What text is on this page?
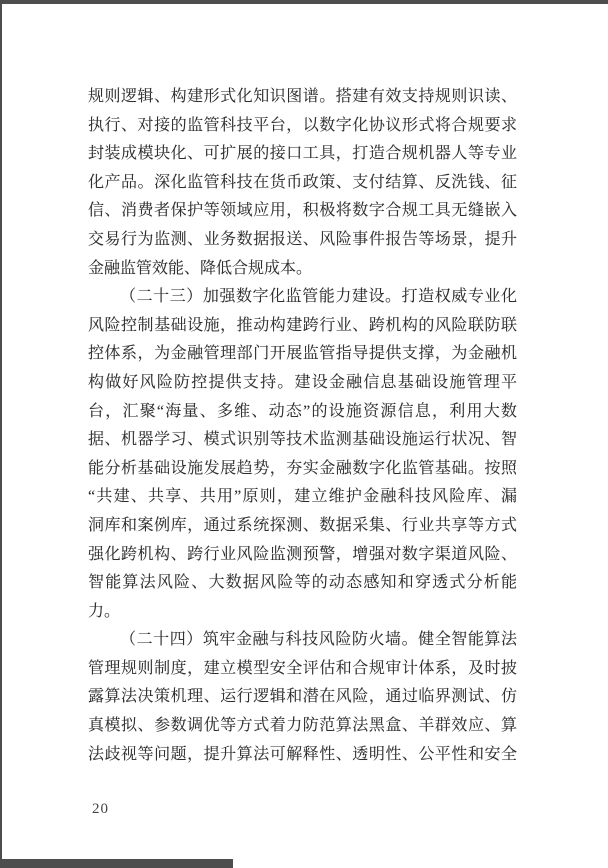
规则逻辑、构建形式化知识图谱。搭建有效支持规则识读、
执行、对接的监管科技平台，以数字化协议形式将合规要求
封装成模块化、可扩展的接口工具，打造合规机器人等专业
化产品。深化监管科技在货币政策、支付结算、反洗钱、征
信、消费者保护等领域应用，积极将数字合规工具无缝嵌入
交易行为监测、业务数据报送、风险事件报告等场景，提升
金融监管效能、降低合规成本。
（二十三）加强数字化监管能力建设。打造权威专业化
风险控制基础设施，推动构建跨行业、跨机构的风险联防联
控体系，为金融管理部门开展监管指导提供支撑，为金融机
构做好风险防控提供支持。建设金融信息基础设施管理平
台，汇聚“海量、多维、动态”的设施资源信息，利用大数
据、机器学习、模式识别等技术监测基础设施运行状况、智
能分析基础设施发展趋势，夯实金融数字化监管基础。按照
“共建、共享、共用”原则，建立维护金融科技风险库、漏
洞库和案例库，通过系统探测、数据采集、行业共享等方式
强化跨机构、跨行业风险监测预警，增强对数字渠道风险、
智能算法风险、大数据风险等的动态感知和穿透式分析能
力。
（二十四）筑牢金融与科技风险防火墙。健全智能算法
管理规则制度，建立模型安全评估和合规审计体系，及时披
露算法决策机理、运行逻辑和潜在风险，通过临界测试、仿
真模拟、参数调优等方式着力防范算法黑盒、羊群效应、算
法歧视等问题，提升算法可解释性、透明性、公平性和安全
20
